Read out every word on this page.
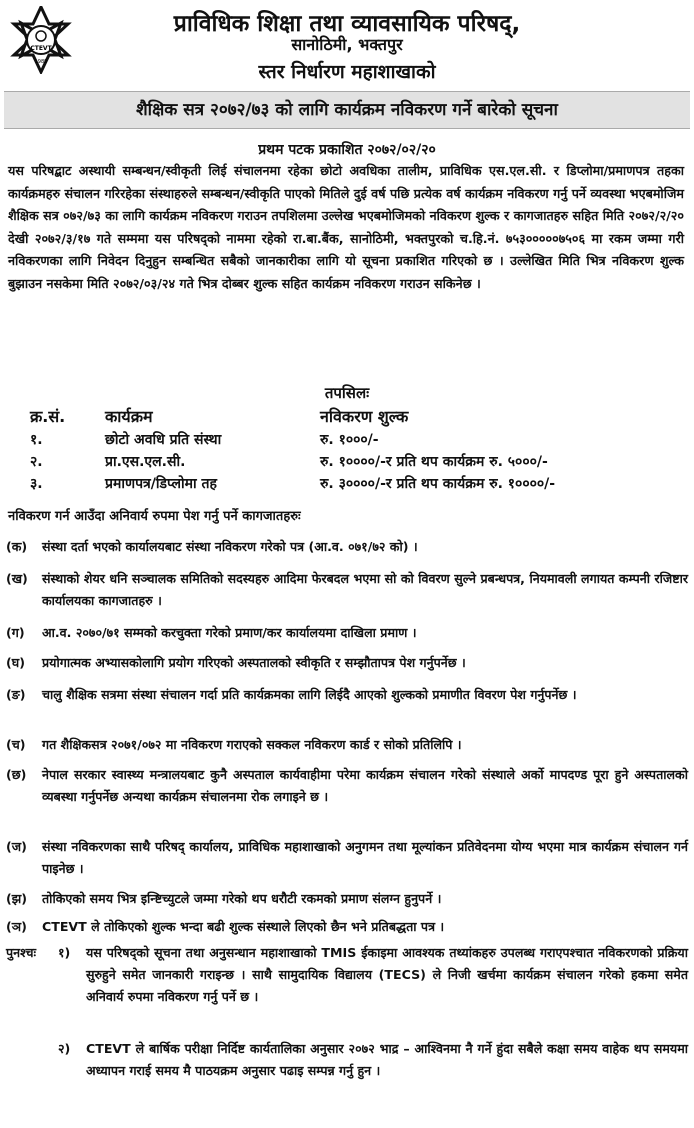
CTEVT
1989
प्राविधिक शिक्षा तथा व्यावसायिक परिषद्,
सानोठिमी, भक्तपुर
स्तर निर्धारण महाशाखाको
शैक्षिक सत्र २०७२/७३ को लागि कार्यक्रम नविकरण गर्ने बारेको सूचना
प्रथम पटक प्रकाशित २०७२/०२/२०
यस परिषद्बाट अस्थायी सम्बन्धन/स्वीकृती लिई संचालनमा रहेका छोटो अवधिका तालीम, प्राविधिक एस.एल.सी. र डिप्लोमा/प्रमाणपत्र तहका कार्यक्रमहरु संचालन गरिरहेका संस्थाहरुले सम्बन्धन/स्वीकृति पाएको मितिले दुई वर्ष पछि प्रत्येक वर्ष कार्यक्रम नविकरण गर्नु पर्ने व्यवस्था भएबमोजिम शैक्षिक सत्र ०७२/७३ का लागि कार्यक्रम नविकरण गराउन तपशिलमा उल्लेख भएबमोजिमको नविकरण शुल्क र कागजातहरु सहित मिति २०७२/२/२० देखी २०७२/३/१७ गते सम्ममा यस परिषद्को नाममा रहेको रा.बा.बैंक, सानोठिमी, भक्तपुरको च.हि.नं. ७५३०००००७५०६ मा रकम जम्मा गरी नविकरणका लागि निवेदन दिनुहुन सम्बन्धित सबैको जानकारीका लागि यो सूचना प्रकाशित गरिएको छ । उल्लेखित मिति भित्र नविकरण शुल्क बुझाउन नसकेमा मिति २०७२/०३/२४ गते भित्र दोब्बर शुल्क सहित कार्यक्रम नविकरण गराउन सकिनेछ ।
तपसिलः
क्र.सं. कार्यक्रम	नविकरण शुल्क
१.	छोटो अवधि प्रति संस्था	रु. १०००/-
२.	प्रा.एस.एल.सी.	रु. १००००/-र प्रति थप कार्यक्रम रु. ५०००/-
३.	प्रमाणपत्र/डिप्लोमा तह	रु. ३००००/-र प्रति थप कार्यक्रम रु. १००००/-
नविकरण गर्न आउँदा अनिवार्य रुपमा पेश गर्नु पर्ने कागजातहरुः
(क)	संस्था दर्ता भएको कार्यालयबाट संस्था नविकरण गरेको पत्र (आ.व. ०७१/७२ को) ।
(ख)	संस्थाको शेयर धनि सञ्चालक समितिको सदस्यहरु आदिमा फेरबदल भएमा सो को विवरण सुल्ने प्रबन्धपत्र, नियमावली लगायत कम्पनी रजिष्टार कार्यालयका कागजातहरु ।
(ग)	आ.व. २०७०/७१ सम्मको करचुक्ता गरेको प्रमाण/कर कार्यालयमा दाखिला प्रमाण ।
(घ)	प्रयोगात्मक अभ्यासकोलागि प्रयोग गरिएको अस्पतालको स्वीकृति र सम्झौतापत्र पेश गर्नुपर्नेछ ।
(ङ)	चालु शैक्षिक सत्रमा संस्था संचालन गर्दा प्रति कार्यक्रमका लागि लिईदै आएको शुल्कको प्रमाणीत विवरण पेश गर्नुपर्नेछ ।
(च)	गत शैक्षिकसत्र २०७१/०७२ मा नविकरण गराएको सक्कल नविकरण कार्ड र सोको प्रतिलिपि ।
(छ)	नेपाल सरकार स्वास्थ्य मन्त्रालयबाट कुनै अस्पताल कार्यवाहीमा परेमा कार्यक्रम संचालन गरेको संस्थाले अर्को मापदण्ड पूरा हुने अस्पतालको व्यबस्था गर्नुपर्नेछ अन्यथा कार्यक्रम संचालनमा रोक लगाइने छ ।
(ज)	संस्था नविकरणका साथै परिषद् कार्यालय, प्राविधिक महाशाखाको अनुगमन तथा मूल्यांकन प्रतिवेदनमा योग्य भएमा मात्र कार्यक्रम संचालन गर्न पाइनेछ ।
(झ)	तोकिएको समय भित्र इन्ष्टिच्युटले जम्मा गरेको थप धरौटी रकमको प्रमाण संलग्न हुनुपर्ने ।
(ञ)	CTEVT ले तोकिएको शुल्क भन्दा बढी शुल्क संस्थाले लिएको छैन भने प्रतिबद्धता पत्र ।
पुनश्चः १) यस परिषद्को सूचना तथा अनुसन्धान महाशाखाको TMIS ईकाइमा आवश्यक तथ्यांकहरु उपलब्ध गराएपश्चात नविकरणको प्रक्रिया सुरुहुने समेत जानकारी गराइन्छ । साथै सामुदायिक विद्यालय (TECS) ले निजी खर्चमा कार्यक्रम संचालन गरेको हकमा समेत अनिवार्य रुपमा नविकरण गर्नु पर्ने छ ।
२) CTEVT ले बार्षिक परीक्षा निर्दिष्ट कार्यतालिका अनुसार २०७२ भाद्र – आश्विनमा नै गर्ने हुंदा सबैले कक्षा समय वाहेक थप समयमा अध्यापन गराई समय मै पाठयक्रम अनुसार पढाइ सम्पन्न गर्नु हुन ।
